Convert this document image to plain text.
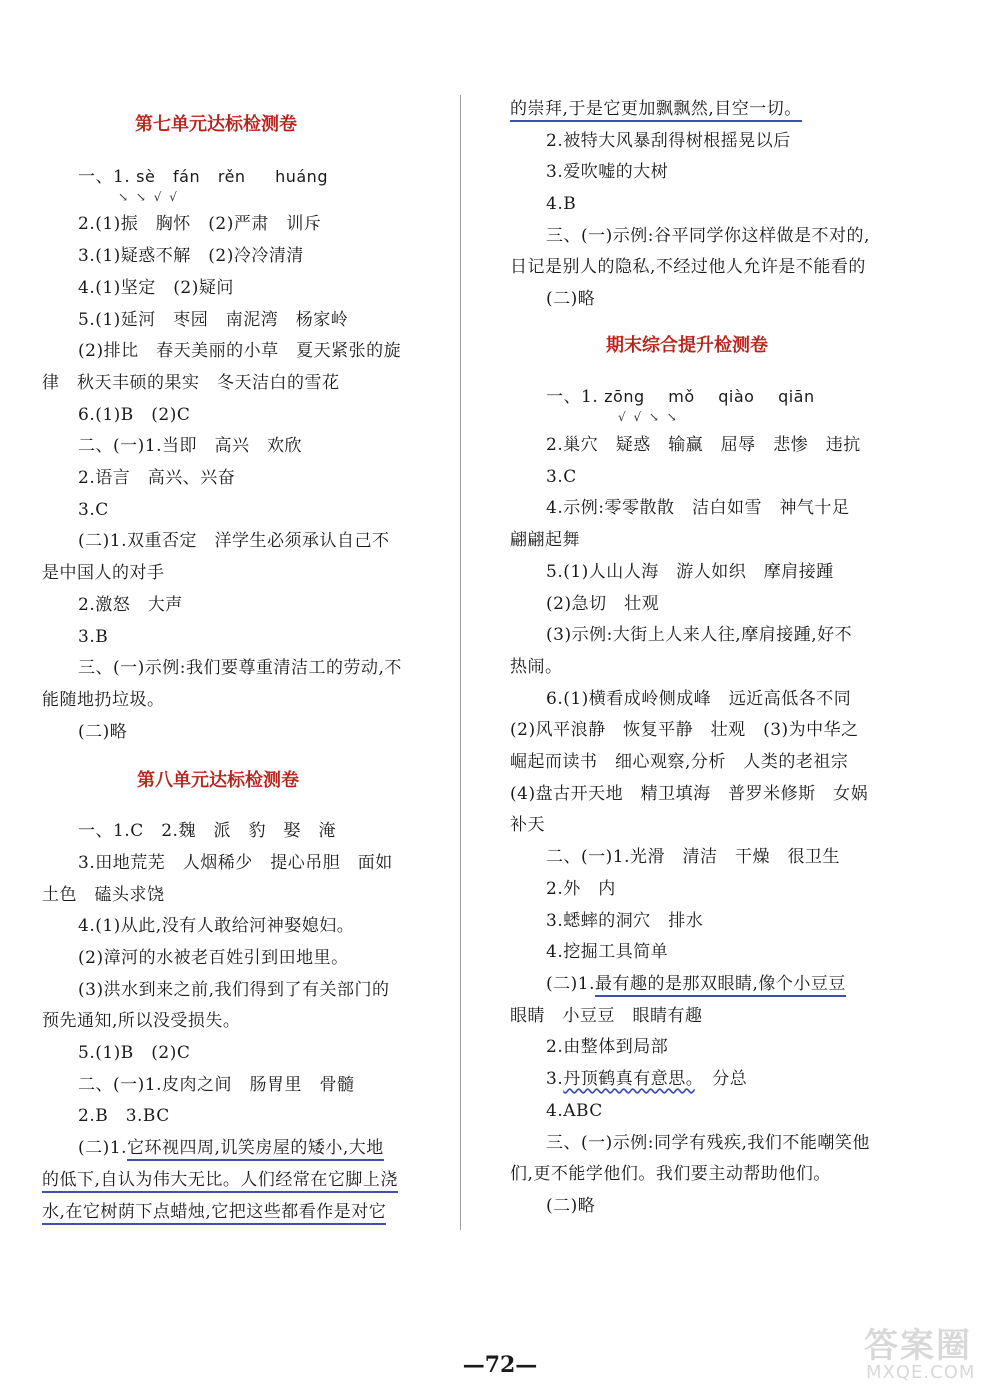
第七单元达标检测卷
一、1. sè fán rěn huáng
↘ ↘ √ √
2.(1)振　胸怀　(2)严肃　训斥
3.(1)疑惑不解　(2)冷冷清清
4.(1)坚定　(2)疑问
5.(1)延河　枣园　南泥湾　杨家岭
(2)排比　春天美丽的小草　夏天紧张的旋
律　秋天丰硕的果实　冬天洁白的雪花
6.(1)B　(2)C
二、(一)1.当即　高兴　欢欣
2.语言　高兴、兴奋
3.C
(二)1.双重否定　洋学生必须承认自己不
是中国人的对手
2.激怒　大声
3.B
三、(一)示例:我们要尊重清洁工的劳动,不
能随地扔垃圾。
(二)略
第八单元达标检测卷
一、1.C　2.魏　派　豹　娶　淹
3.田地荒芜　人烟稀少　提心吊胆　面如
土色　磕头求饶
4.(1)从此,没有人敢给河神娶媳妇。
(2)漳河的水被老百姓引到田地里。
(3)洪水到来之前,我们得到了有关部门的
预先通知,所以没受损失。
5.(1)B　(2)C
二、(一)1.皮肉之间　肠胃里　骨髓
2.B　3.BC
(二)1.它环视四周,讥笑房屋的矮小,大地
的低下,自认为伟大无比。人们经常在它脚上浇
水,在它树荫下点蜡烛,它把这些都看作是对它
的崇拜,于是它更加飘飘然,目空一切。
2.被特大风暴刮得树根摇晃以后
3.爱吹嘘的大树
4.B
三、(一)示例:谷平同学你这样做是不对的,
日记是别人的隐私,不经过他人允许是不能看的
(二)略
期末综合提升检测卷
一、1. zōng mǒ qiào qiān
√ √ ↘ ↘
2.巢穴　疑惑　输赢　屈辱　悲惨　违抗
3.C
4.示例:零零散散　洁白如雪　神气十足
翩翩起舞
5.(1)人山人海　游人如织　摩肩接踵
(2)急切　壮观
(3)示例:大街上人来人往,摩肩接踵,好不
热闹。
6.(1)横看成岭侧成峰　远近高低各不同
(2)风平浪静　恢复平静　壮观　(3)为中华之
崛起而读书　细心观察,分析　人类的老祖宗
(4)盘古开天地　精卫填海　普罗米修斯　女娲
补天
二、(一)1.光滑　清洁　干燥　很卫生
2.外　内
3.蟋蟀的洞穴　排水
4.挖掘工具简单
(二)1.最有趣的是那双眼睛,像个小豆豆
眼睛　小豆豆　眼睛有趣
2.由整体到局部
3.丹顶鹤真有意思。　分总
4.ABC
三、(一)示例:同学有残疾,我们不能嘲笑他
们,更不能学他们。我们要主动帮助他们。
(二)略
—72—	答案圈
MXQE.COM
